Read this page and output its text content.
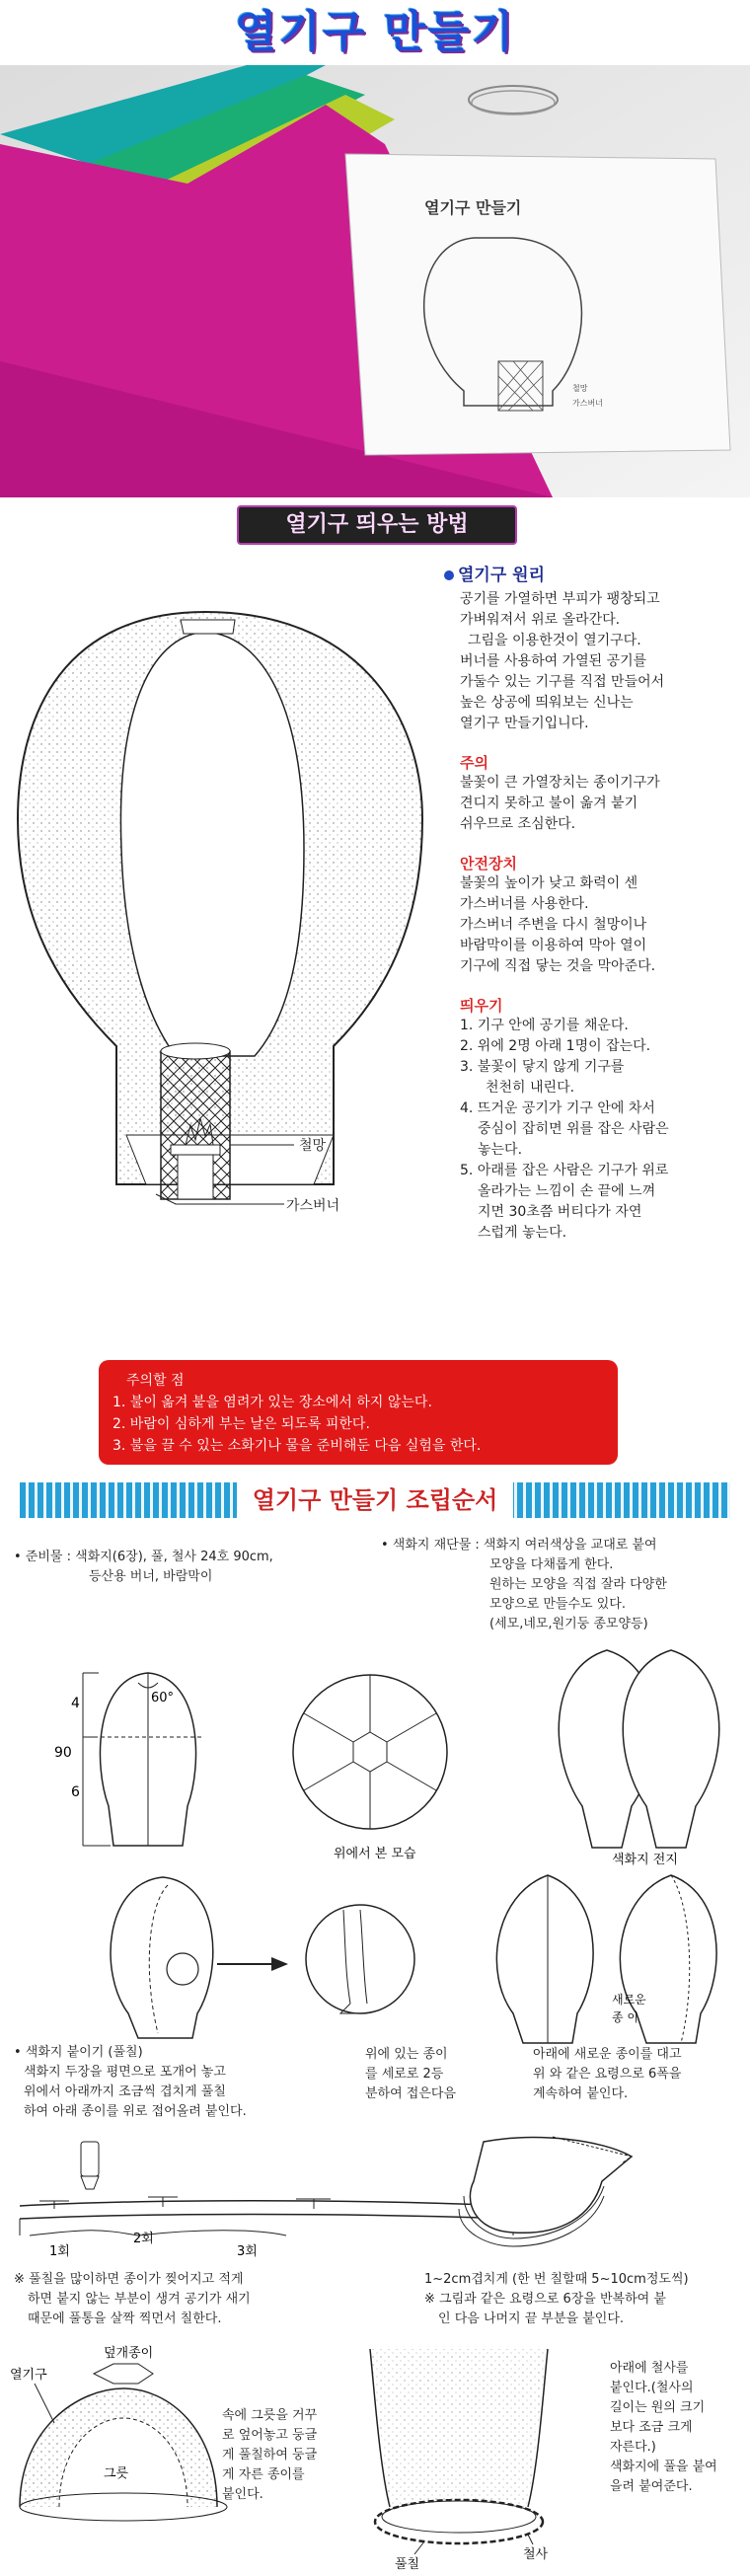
열기구 만들기
열기구 만들기
철망
가스버너
열기구 띄우는 방법
철망
가스버너
열기구 원리
공기를 가열하면 부피가 팽창되고
가벼워져서 위로 올라간다.
그림을 이용한것이 열기구다.
버너를 사용하여 가열된 공기를
가둘수 있는 기구를 직접 만들어서
높은 상공에 띄워보는 신나는
열기구 만들기입니다.
주의
불꽃이 큰 가열장치는 종이기구가
견디지 못하고 불이 옮겨 붙기
쉬우므로 조심한다.
안전장치
불꽃의 높이가 낮고 화력이 센
가스버너를 사용한다.
가스버너 주변을 다시 철망이나
바람막이를 이용하여 막아 열이
기구에 직접 닿는 것을 막아준다.
띄우기
1. 기구 안에 공기를 채운다.
2. 위에 2명 아래 1명이 잡는다.
3. 불꽃이 닿지 않게 기구를
천천히 내린다.
4. 뜨거운 공기가 기구 안에 차서
중심이 잡히면 위를 잡은 사람은
놓는다.
5. 아래를 잡은 사람은 기구가 위로
올라가는 느낌이 손 끝에 느껴
지면 30초쯤 버티다가 자연
스럽게 놓는다.
주의할 점
1. 불이 옮겨 붙을 염려가 있는 장소에서 하지 않는다.
2. 바람이 심하게 부는 날은 되도록 피한다.
3. 불을 끌 수 있는 소화기나 물을 준비해둔 다음 실험을 한다.
열기구 만들기 조립순서
• 준비물 : 색화지(6장), 풀, 철사 24호 90cm,
등산용 버너, 바람막이
• 색화지 재단물 : 색화지 여러색상을 교대로 붙여
모양을 다채롭게 한다.
원하는 모양을 직접 잘라 다양한
모양으로 만들수도 있다.
(세모,네모,원기둥 종모양등)
4
90
6
60°
위에서 본 모습	색화지 전지
새로운
종 이
• 색화지 붙이기 (풀칠)
색화지 두장을 평면으로 포개어 놓고
위에서 아래까지 조금씩 겹치게 풀칠
하여 아래 종이를 위로 접어올려 붙인다.
위에 있는 종이
를 세로로 2등
분하여 접은다음
아래에 새로운 종이를 대고
위 와 같은 요령으로 6폭을
계속하여 붙인다.
1회
2회
3회
※ 풀칠을 많이하면 종이가 찢어지고 적게
하면 붙지 않는 부분이 생겨 공기가 새기
때문에 풀통을 살짝 찍먼서 칠한다.
1~2cm겹치게 (한 번 칠할때 5~10cm정도씩)
※ 그림과 같은 요령으로 6장을 반복하여 붙
인 다음 나머지 끝 부분을 붙인다.
덮개종이
열기구
그릇
풀칠
철사
속에 그릇을 거꾸
로 엎어놓고 둥글
게 풀칠하여 둥글
게 자른 종이를
붙인다.
아래에 철사를
붙인다.(철사의
길이는 원의 크기
보다 조금 크게
자른다.)
색화지에 풀을 붙여
을려 붙여준다.
